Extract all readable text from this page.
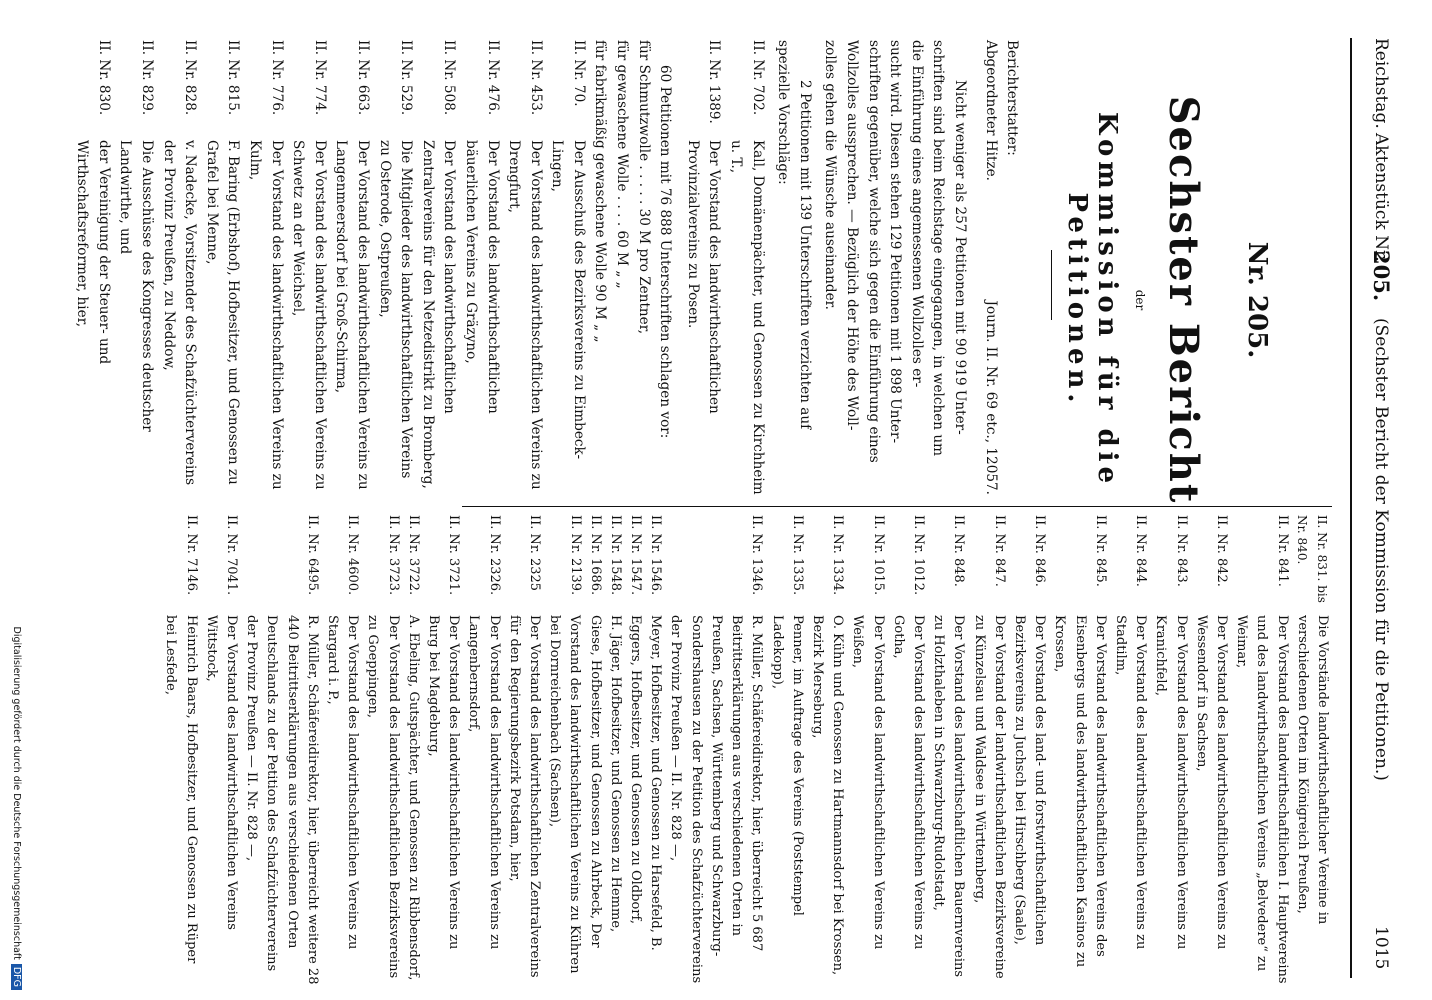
Reichstag.
Aktenstück Nr.
205.
(Sechster Bericht der Kommission für die Petitionen.)
1015
Nr. 205.
Sechster Bericht
der
Kommission für die Petitionen.
Berichterstatter:
Abgeordneter Hitze.
Journ. II. Nr. 69 etc., 12057.

Nicht weniger als 257 Petitionen mit 90 919 Unter-

schriften sind beim Reichstage eingegangen, in welchen um

die Einführung eines angemessenen Wollzolles er-

sucht wird. Diesen stehen 129 Petitionen mit 1 898 Unter-

schriften gegenüber, welche sich gegen die Einführung eines

Wollzolles aussprechen. — Bezüglich der Höhe des Woll-

zolles gehen die Wünsche auseinander.

2 Petitionen mit 139 Unterschriften verzichten auf

spezielle Vorschläge:

II. Nr. 702.
Kall, Domänenpächter, und Genossen zu Kirchheim u. T.,
II. Nr. 1389.
Der Vorstand des landwirthschaftlichen Provinzialvereins zu Posen.

60 Petitionen mit 76 888 Unterschriften schlagen vor:

für Schmutzwolle . . . . . 30 M pro Zentner,

für gewaschene Wolle . . . . 60 M „ „

für fabrikmäßig gewaschene Wolle 90 M „ „

II. Nr. 70.
Der Ausschuß des Bezirksvereins zu Eimbeck-Lingen,
II. Nr. 453.
Der Vorstand des landwirthschaftlichen Vereins zu Drengfurt,
II. Nr. 476.
Der Vorstand des landwirthschaftlichen bäuerlichen Vereins zu Gräzyno,
II. Nr. 508.
Der Vorstand des landwirthschaftlichen Zentralvereins für den Netzedistrikt zu Bromberg,
II. Nr. 529.
Die Mitglieder des landwirthschaftlichen Vereins zu Osterode, Ostpreußen,
II. Nr. 663.
Der Vorstand des landwirthschaftlichen Vereins zu Langenmeersdorf bei Groß-Schirma,
II. Nr. 774.
Der Vorstand des landwirthschaftlichen Vereins zu Schwetz an der Weichsel,
II. Nr. 776.
Der Vorstand des landwirthschaftlichen Vereins zu Kulm,
II. Nr. 815.
F. Baring (Erbshof), Hofbesitzer, und Genossen zu Grafel bei Menne,
II. Nr. 828.
v. Nadecke, Vorsitzender des Schafzüchtervereins der Provinz Preußen, zu Neddow,
II. Nr. 829.
Die Ausschüsse des Kongresses deutscher Landwirthe, und
II. Nr. 830.
der Vereinigung der Steuer- und Wirthschaftsreformer, hier,
II. Nr. 831. bis Nr. 840.
Die Vorstände landwirthschaftlicher Vereine in verschiedenen Orten im Königreich Preußen,
II. Nr. 841.
Der Vorstand des landwirthschaftlichen I. Hauptvereins und des landwirthschaftlichen Vereins „Belvedere“ zu Weimar,
II. Nr. 842.
Der Vorstand des landwirthschaftlichen Vereins zu Wessendorf in Sachsen,
II. Nr. 843.
Der Vorstand des landwirthschaftlichen Vereins zu Kranichfeld,
II. Nr. 844.
Der Vorstand des landwirthschaftlichen Vereins zu Stadtilm,
II. Nr. 845.
Der Vorstand des landwirthschaftlichen Vereins des Eisenbergs und des landwirthschaftlichen Kasinos zu Krossen,
II. Nr. 846.
Der Vorstand des land- und forstwirthschaftlichen Bezirksvereins zu Juchsch bei Hirschberg (Saale),
II. Nr. 847.
Der Vorstand der landwirthschaftlichen Bezirksvereine zu Künzelsau und Waldsee in Württemberg,
II. Nr. 848.
Der Vorstand des landwirthschaftlichen Bauernvereins zu Holzthaleben in Schwarzburg-Rudolstadt,
II. Nr. 1012.
Der Vorstand des landwirthschaftlichen Vereins zu Gotha,
II. Nr. 1015.
Der Vorstand des landwirthschaftlichen Vereins zu Weißen,
II. Nr. 1334.
O. Kühn und Genossen zu Hartmannsdorf bei Krossen, Bezirk Merseburg,
II. Nr. 1335.
Penner, im Auftrage des Vereins (Poststempel Ladekopp),
II. Nr. 1346.
R. Müller, Schäfereidirektor, hier, überreicht 5 687 Beitrittserklärungen aus verschiedenen Orten in Preußen, Sachsen, Württemberg und Schwarzburg-Sondershausen zu der Petition des Schafzüchtervereins der Provinz Preußen — II. Nr. 828 —,
II. Nr. 1546.
II. Nr. 1547.
Meyer, Hofbesitzer, und Genossen zu Harsefeld, B. Eggers, Hofbesitzer, und Genossen zu Oldborf,
II. Nr. 1548.
H. Jäger, Hofbesitzer, und Genossen zu Hemme,
II. Nr. 1686.
II. Nr. 2139.
Giese, Hofbesitzer, und Genossen zu Ahrbeck, Der Vorstand des landwirthschaftlichen Vereins zu Kühren bei Dornreichenbach (Sachsen),
II. Nr. 2325
Der Vorstand des landwirthschaftlichen Zentralvereins für den Regierungsbezirk Potsdam, hier,
II. Nr. 2326.
Der Vorstand des landwirthschaftlichen Vereins zu Langenbernsdorf,
II. Nr. 3721.
Der Vorstand des landwirthschaftlichen Vereins zu Burg bei Magdeburg,
II. Nr. 3722.
A. Ebeling, Gutspächter, und Genossen zu Ribbensdorf,
II. Nr. 3723.
Der Vorstand des landwirthschaftlichen Bezirksvereins zu Goeppingen,
II. Nr. 4600.
Der Vorstand des landwirthschaftlichen Vereins zu Stargard i. P.,
II. Nr. 6495.
R. Müller, Schäfereidirektor, hier, überreicht weitere 28 440 Beitrittserklärungen aus verschiedenen Orten Deutschlands zu der Petition des Schafzüchtervereins der Provinz Preußen — II. Nr. 828 —,
II. Nr. 7041.
Der Vorstand des landwirthschaftlichen Vereins Wittstock,
II. Nr. 7146.
Heinrich Baars, Hofbesitzer, und Genossen zu Rüper bei Lesfede,
Digitalisierung gefördert durch die Deutsche ForschungsgemeinschaftDFG
